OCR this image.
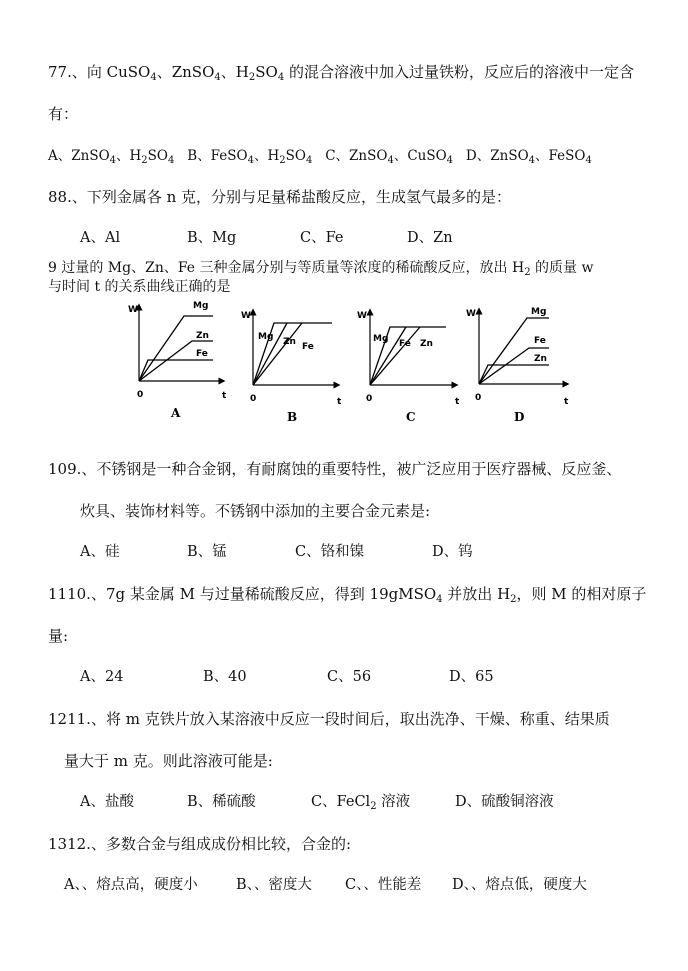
77.、向 CuSO$_4$、ZnSO$_4$、$H_2SO_4$ 的混合溶液中加入过量铁粉，反应后的溶液中一定含
有：
A、ZnSO$_4$、$H_2SO_4$ B、FeSO$_4$、$H_2SO_4$ C、ZnSO$_4$、CuSO$_4$ D、ZnSO$_4$、FeSO$_4$
88.、下列金属各 n 克，分别与足量稀盐酸反应，生成氢气最多的是：
A、Al	B、Mg	C、Fe	D、Zn
9 过量的 Mg、Zn、Fe 三种金属分别与等质量等浓度的稀硫酸反应，放出 $H_2$ 的质量 w
与时间 t 的关系曲线正确的是
W
0	t
Mg
Zn
Fe
A
W
0	t
Mg Zn Fe
B
W
0	t
Mg Fe Zn
C
W
0	t
Mg
Fe
Zn
D
109.、不锈钢是一种合金钢，有耐腐蚀的重要特性，被广泛应用于医疗器械、反应釜、
炊具、装饰材料等。不锈钢中添加的主要合金元素是:
A、硅	B、锰	C、铬和镍	D、钨
1110.、7g 某金属 M 与过量稀硫酸反应，得到 19gMSO$_4$ 并放出 $H_2$，则 M 的相对原子
量:
A、24	B、40	C、56	D、65
1211.、将 m 克铁片放入某溶液中反应一段时间后，取出洗净、干燥、称重、结果质
量大于 m 克。则此溶液可能是:
A、盐酸	B、稀硫酸	C、FeCl$_2$ 溶液	D、硫酸铜溶液
1312.、多数合金与组成成份相比较，合金的:
A、、熔点高，硬度小	B、、密度大 C、、性能差 D、、熔点低，硬度大
